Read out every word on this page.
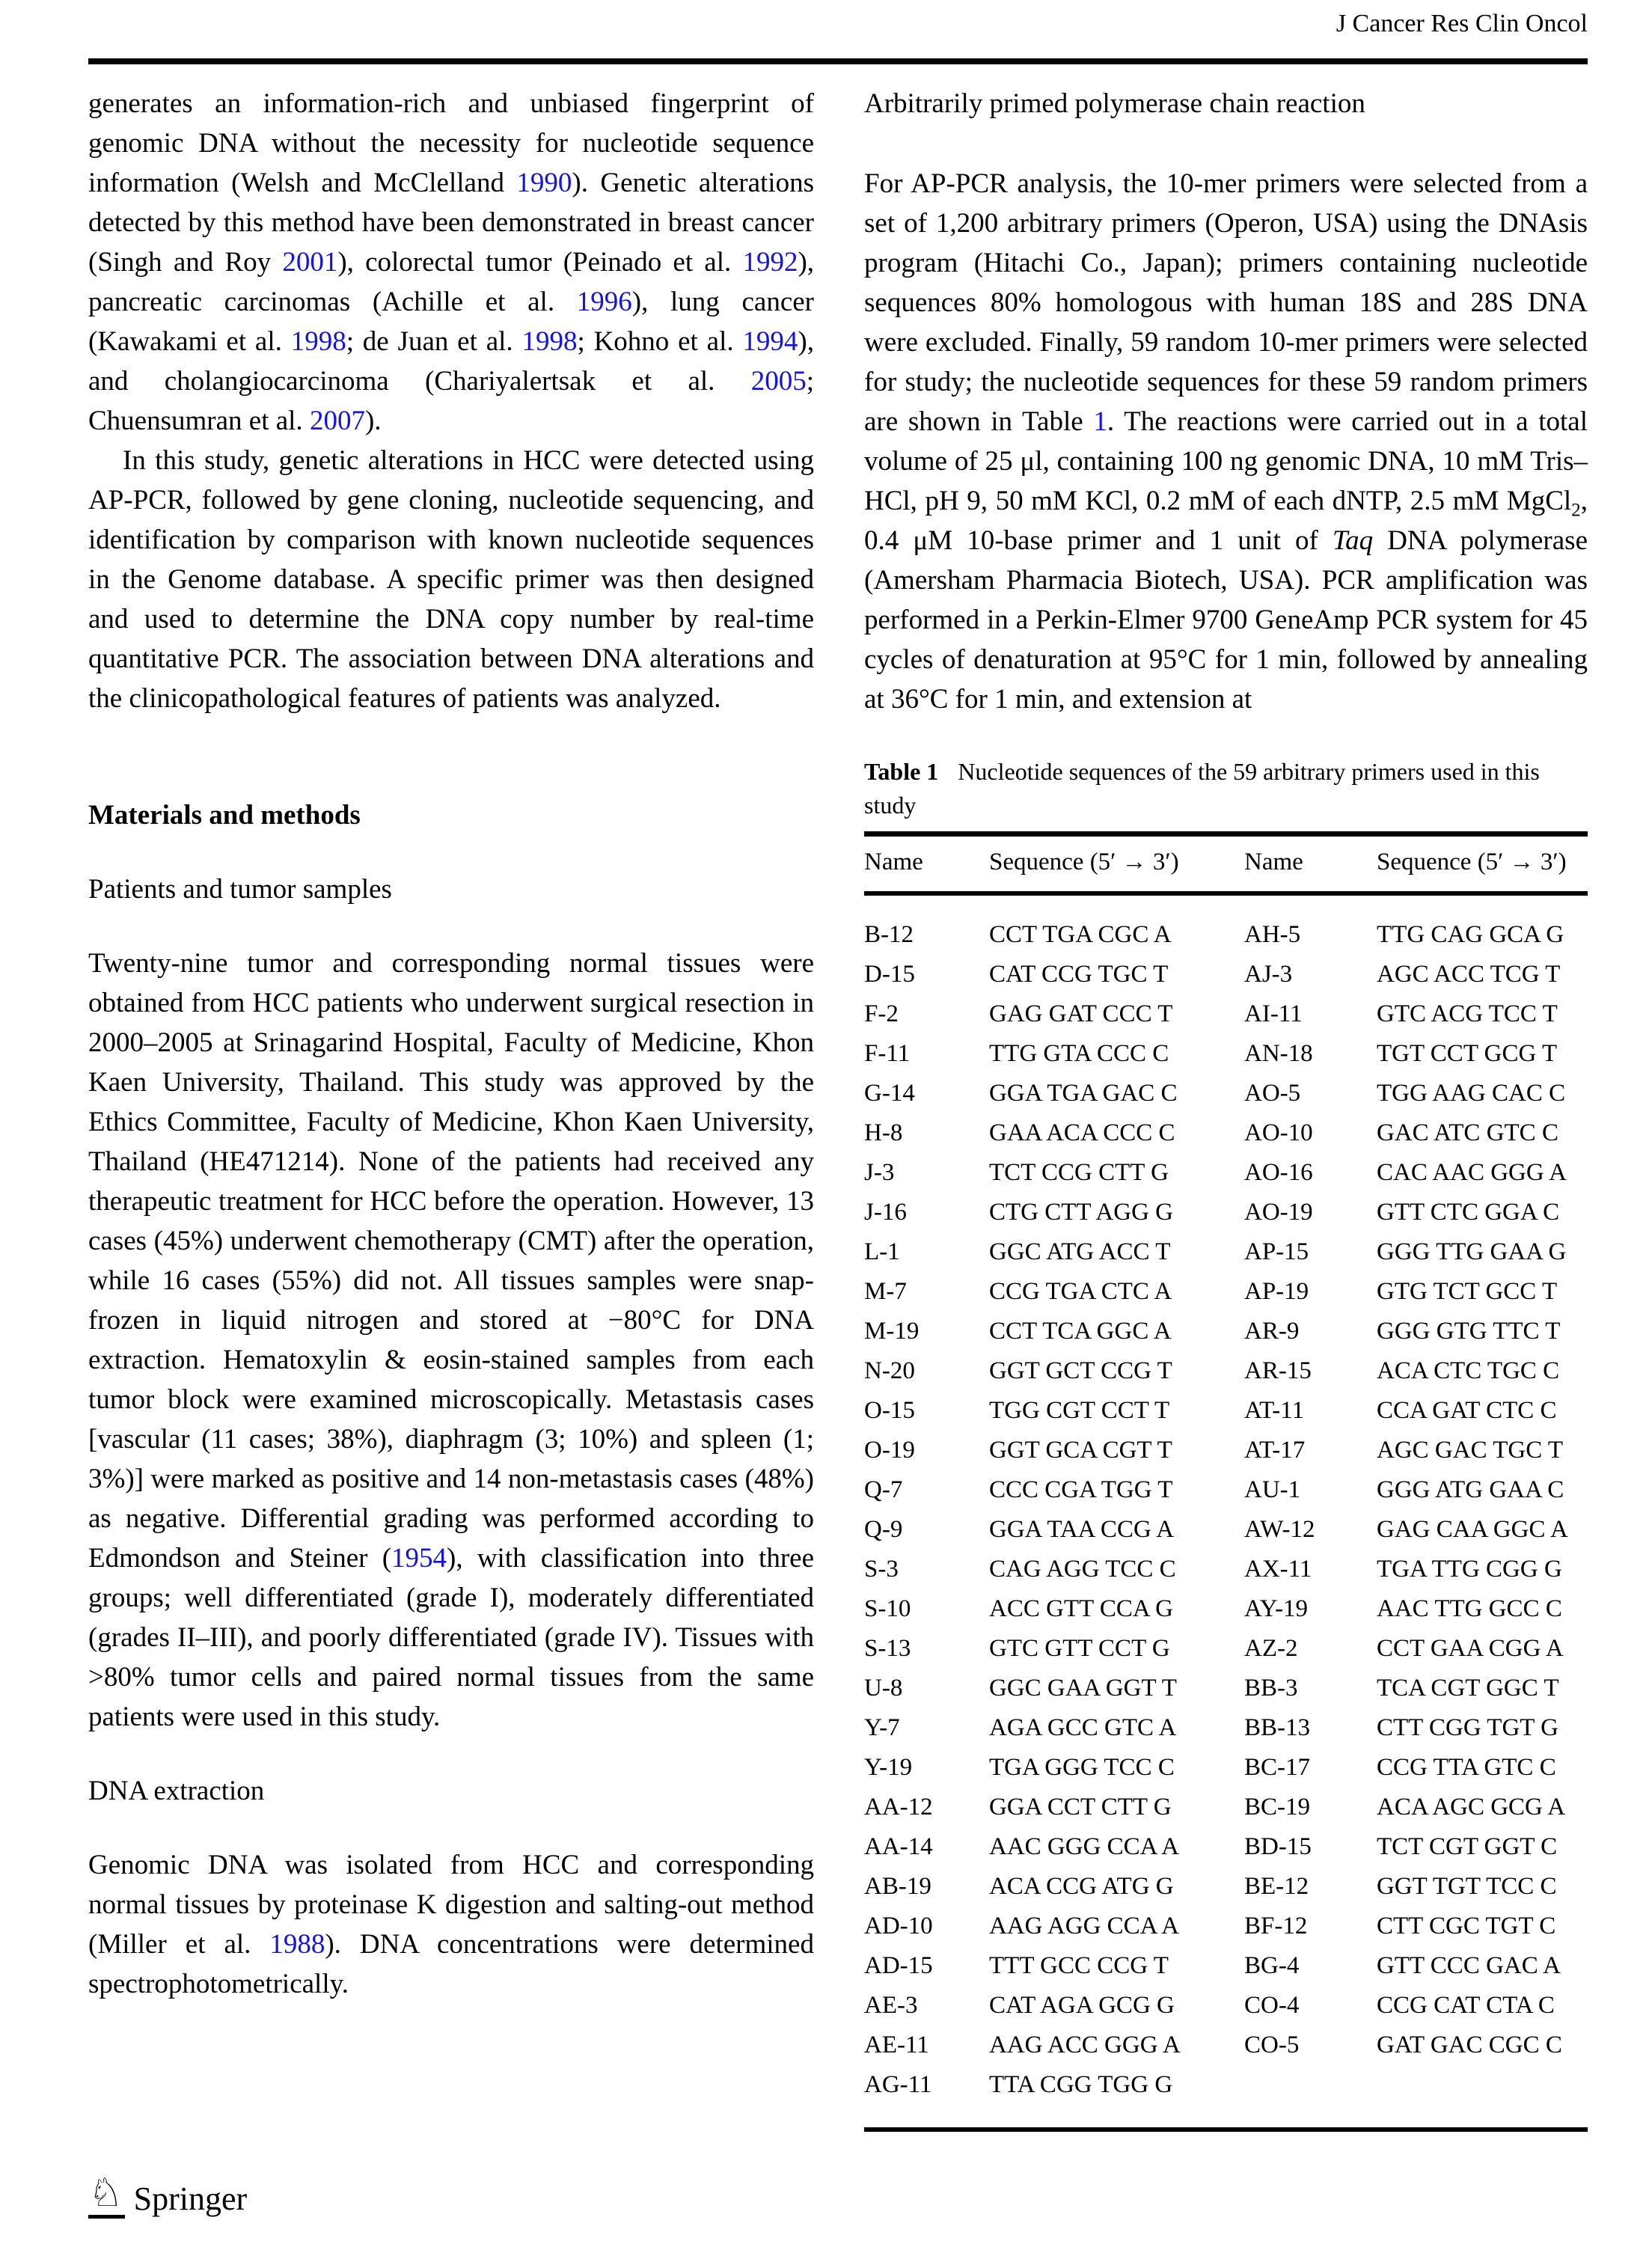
J Cancer Res Clin Oncol

generates an information-rich and unbiased fingerprint of genomic DNA without the necessity for nucleotide sequence information (Welsh and McClelland 1990). Genetic alterations detected by this method have been demonstrated in breast cancer (Singh and Roy 2001), colorectal tumor (Peinado et al. 1992), pancreatic carcinomas (Achille et al. 1996), lung cancer (Kawakami et al. 1998; de Juan et al. 1998; Kohno et al. 1994), and cholangiocarcinoma (Chariyalertsak et al. 2005; Chuensumran et al. 2007).

In this study, genetic alterations in HCC were detected using AP-PCR, followed by gene cloning, nucleotide sequencing, and identification by comparison with known nucleotide sequences in the Genome database. A specific primer was then designed and used to determine the DNA copy number by real-time quantitative PCR. The association between DNA alterations and the clinicopathological features of patients was analyzed.

Materials and methods
Patients and tumor samples

Twenty-nine tumor and corresponding normal tissues were obtained from HCC patients who underwent surgical resection in 2000–2005 at Srinagarind Hospital, Faculty of Medicine, Khon Kaen University, Thailand. This study was approved by the Ethics Committee, Faculty of Medicine, Khon Kaen University, Thailand (HE471214). None of the patients had received any therapeutic treatment for HCC before the operation. However, 13 cases (45%) underwent chemotherapy (CMT) after the operation, while 16 cases (55%) did not. All tissues samples were snap-frozen in liquid nitrogen and stored at −80°C for DNA extraction. Hematoxylin & eosin-stained samples from each tumor block were examined microscopically. Metastasis cases [vascular (11 cases; 38%), diaphragm (3; 10%) and spleen (1; 3%)] were marked as positive and 14 non-metastasis cases (48%) as negative. Differential grading was performed according to Edmondson and Steiner (1954), with classification into three groups; well differentiated (grade I), moderately differentiated (grades II–III), and poorly differentiated (grade IV). Tissues with >80% tumor cells and paired normal tissues from the same patients were used in this study.

DNA extraction

Genomic DNA was isolated from HCC and corresponding normal tissues by proteinase K digestion and salting-out method (Miller et al. 1988). DNA concentrations were determined spectrophotometrically.

Arbitrarily primed polymerase chain reaction

For AP-PCR analysis, the 10-mer primers were selected from a set of 1,200 arbitrary primers (Operon, USA) using the DNAsis program (Hitachi Co., Japan); primers containing nucleotide sequences 80% homologous with human 18S and 28S DNA were excluded. Finally, 59 random 10-mer primers were selected for study; the nucleotide sequences for these 59 random primers are shown in Table 1. The reactions were carried out in a total volume of 25 μl, containing 100 ng genomic DNA, 10 mM Tris–HCl, pH 9, 50 mM KCl, 0.2 mM of each dNTP, 2.5 mM MgCl$_2$, 0.4 μM 10-base primer and 1 unit of Taq DNA polymerase (Amersham Pharmacia Biotech, USA). PCR amplification was performed in a Perkin-Elmer 9700 GeneAmp PCR system for 45 cycles of denaturation at 95°C for 1 min, followed by annealing at 36°C for 1 min, and extension at

Table 1 Nucleotide sequences of the 59 arbitrary primers used in this study
Name	Sequence (5′ → 3′)	Name	Sequence (5′ → 3′)
B-12	CCT TGA CGC A	AH-5	TTG CAG GCA G
D-15	CAT CCG TGC T	AJ-3	AGC ACC TCG T
F-2	GAG GAT CCC T	AI-11	GTC ACG TCC T
F-11	TTG GTA CCC C	AN-18	TGT CCT GCG T
G-14	GGA TGA GAC C	AO-5	TGG AAG CAC C
H-8	GAA ACA CCC C	AO-10	GAC ATC GTC C
J-3	TCT CCG CTT G	AO-16	CAC AAC GGG A
J-16	CTG CTT AGG G	AO-19	GTT CTC GGA C
L-1	GGC ATG ACC T	AP-15	GGG TTG GAA G
M-7	CCG TGA CTC A	AP-19	GTG TCT GCC T
M-19	CCT TCA GGC A	AR-9	GGG GTG TTC T
N-20	GGT GCT CCG T	AR-15	ACA CTC TGC C
O-15	TGG CGT CCT T	AT-11	CCA GAT CTC C
O-19	GGT GCA CGT T	AT-17	AGC GAC TGC T
Q-7	CCC CGA TGG T	AU-1	GGG ATG GAA C
Q-9	GGA TAA CCG A	AW-12	GAG CAA GGC A
S-3	CAG AGG TCC C	AX-11	TGA TTG CGG G
S-10	ACC GTT CCA G	AY-19	AAC TTG GCC C
S-13	GTC GTT CCT G	AZ-2	CCT GAA CGG A
U-8	GGC GAA GGT T	BB-3	TCA CGT GGC T
Y-7	AGA GCC GTC A	BB-13	CTT CGG TGT G
Y-19	TGA GGG TCC C	BC-17	CCG TTA GTC C
AA-12	GGA CCT CTT G	BC-19	ACA AGC GCG A
AA-14	AAC GGG CCA A	BD-15	TCT CGT GGT C
AB-19	ACA CCG ATG G	BE-12	GGT TGT TCC C
AD-10	AAG AGG CCA A	BF-12	CTT CGC TGT C
AD-15	TTT GCC CCG T	BG-4	GTT CCC GAC A
AE-3	CAT AGA GCG G	CO-4	CCG CAT CTA C
AE-11	AAG ACC GGG A	CO-5	GAT GAC CGC C
AG-11	TTA CGG TGG G		
♘ Springer
